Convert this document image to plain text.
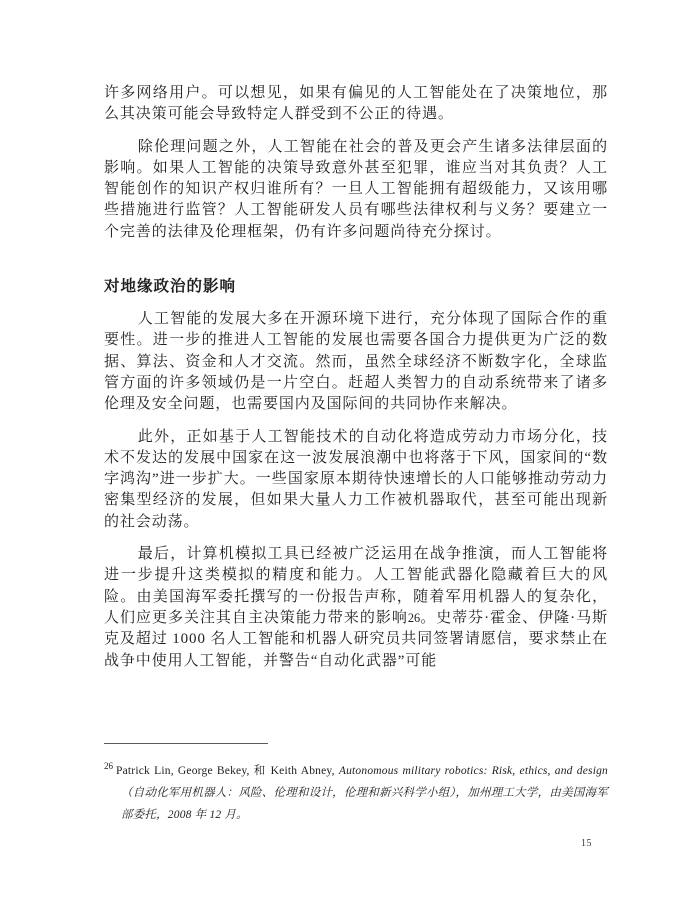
许多网络用户。可以想见，如果有偏见的人工智能处在了决策地位，那么其决策可能会导致特定人群受到不公正的待遇。

除伦理问题之外，人工智能在社会的普及更会产生诸多法律层面的影响。如果人工智能的决策导致意外甚至犯罪，谁应当对其负责？人工智能创作的知识产权归谁所有？一旦人工智能拥有超级能力，又该用哪些措施进行监管？人工智能研发人员有哪些法律权利与义务？要建立一个完善的法律及伦理框架，仍有许多问题尚待充分探讨。

对地缘政治的影响

人工智能的发展大多在开源环境下进行，充分体现了国际合作的重要性。进一步的推进人工智能的发展也需要各国合力提供更为广泛的数据、算法、资金和人才交流。然而，虽然全球经济不断数字化，全球监管方面的许多领域仍是一片空白。赶超人类智力的自动系统带来了诸多伦理及安全问题，也需要国内及国际间的共同协作来解决。

此外，正如基于人工智能技术的自动化将造成劳动力市场分化，技术不发达的发展中国家在这一波发展浪潮中也将落于下风，国家间的“数字鸿沟”进一步扩大。一些国家原本期待快速增长的人口能够推动劳动力密集型经济的发展，但如果大量人力工作被机器取代，甚至可能出现新的社会动荡。

最后，计算机模拟工具已经被广泛运用在战争推演，而人工智能将进一步提升这类模拟的精度和能力。人工智能武器化隐藏着巨大的风险。由美国海军委托撰写的一份报告声称，随着军用机器人的复杂化，人们应更多关注其自主决策能力带来的影响26。史蒂芬·霍金、伊隆·马斯克及超过 1000 名人工智能和机器人研究员共同签署请愿信，要求禁止在战争中使用人工智能，并警告“自动化武器”可能

$^{26}$ Patrick Lin, George Bekey, 和 Keith Abney, Autonomous military robotics: Risk, ethics, and design（自动化军用机器人：风险、伦理和设计，伦理和新兴科学小组），加州理工大学，由美国海军部委托，2008 年 12 月。
15
